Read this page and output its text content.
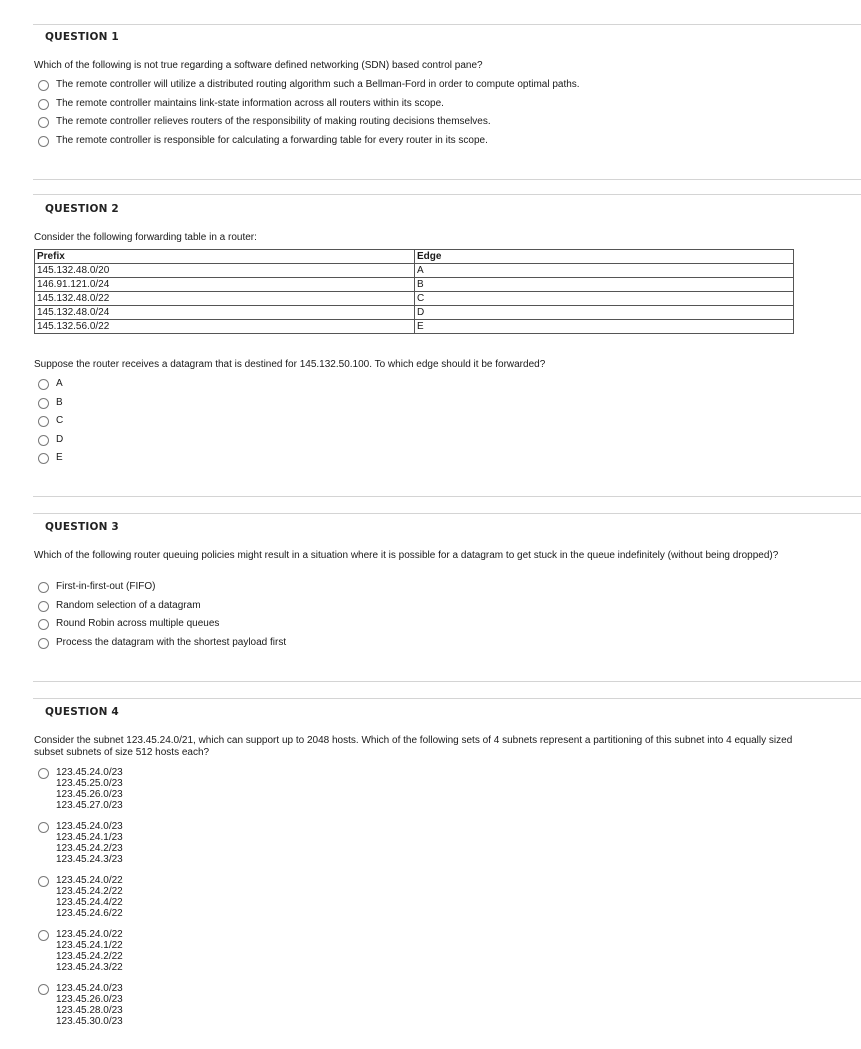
QUESTION 1
Which of the following is not true regarding a software defined networking (SDN) based control pane?
The remote controller will utilize a distributed routing algorithm such a Bellman-Ford in order to compute optimal paths.
The remote controller maintains link-state information across all routers within its scope.
The remote controller relieves routers of the responsibility of making routing decisions themselves.
The remote controller is responsible for calculating a forwarding table for every router in its scope.
QUESTION 2
Consider the following forwarding table in a router:
Prefix	Edge
145.132.48.0/20	A
146.91.121.0/24	B
145.132.48.0/22	C
145.132.48.0/24	D
145.132.56.0/22	E
Suppose the router receives a datagram that is destined for 145.132.50.100. To which edge should it be forwarded?
A
B
C
D
E
QUESTION 3
Which of the following router queuing policies might result in a situation where it is possible for a datagram to get stuck in the queue indefinitely (without being dropped)?
First-in-first-out (FIFO)
Random selection of a datagram
Round Robin across multiple queues
Process the datagram with the shortest payload first
QUESTION 4
Consider the subnet 123.45.24.0/21, which can support up to 2048 hosts. Which of the following sets of 4 subnets represent a partitioning of this subnet into 4 equally sized subset subnets of size 512 hosts each?
123.45.24.0/23
123.45.25.0/23
123.45.26.0/23
123.45.27.0/23
123.45.24.0/23
123.45.24.1/23
123.45.24.2/23
123.45.24.3/23
123.45.24.0/22
123.45.24.2/22
123.45.24.4/22
123.45.24.6/22
123.45.24.0/22
123.45.24.1/22
123.45.24.2/22
123.45.24.3/22
123.45.24.0/23
123.45.26.0/23
123.45.28.0/23
123.45.30.0/23
